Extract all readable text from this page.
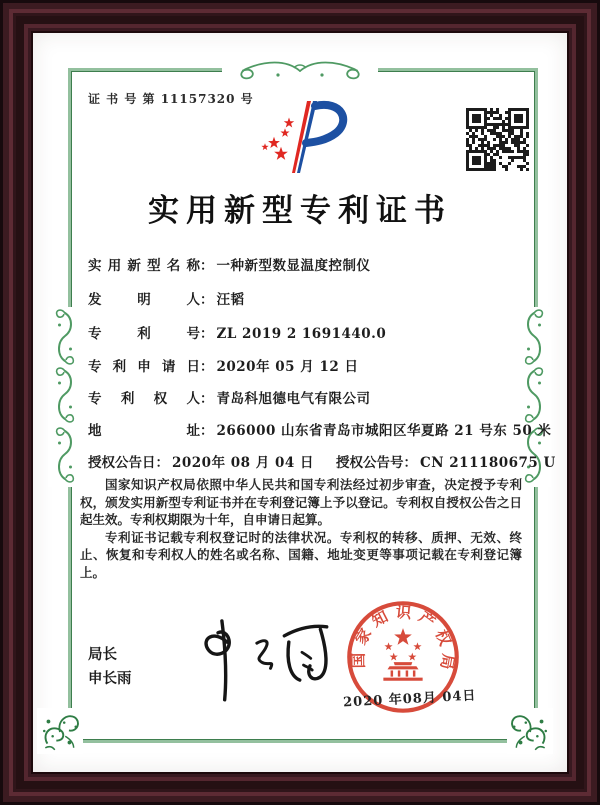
证 书 号 第 11157320 号
实用新型专利证书
实用新型名称： 一种新型数显温度控制仪
发明人： 汪韬
专利号： ZL 2019 2 1691440.0
专利申请日： 2020年 05 月 12 日
专利权人： 青岛科旭德电气有限公司
地址： 266000 山东省青岛市城阳区华夏路 21 号东 50 米
授权公告日： 2020年 08 月 04 日 授权公告号： CN 211180675 U

国家知识产权局依照中华人民共和国专利法经过初步审查，决定授予专利权，颁发实用新型专利证书并在专利登记簿上予以登记。专利权自授权公告之日起生效。专利权期限为十年，自申请日起算。

专利证书记载专利权登记时的法律状况。专利权的转移、质押、无效、终止、恢复和专利权人的姓名或名称、国籍、地址变更等事项记载在专利登记簿上。

局长
申长雨
国家知识产权局
2020 年08月 04日
